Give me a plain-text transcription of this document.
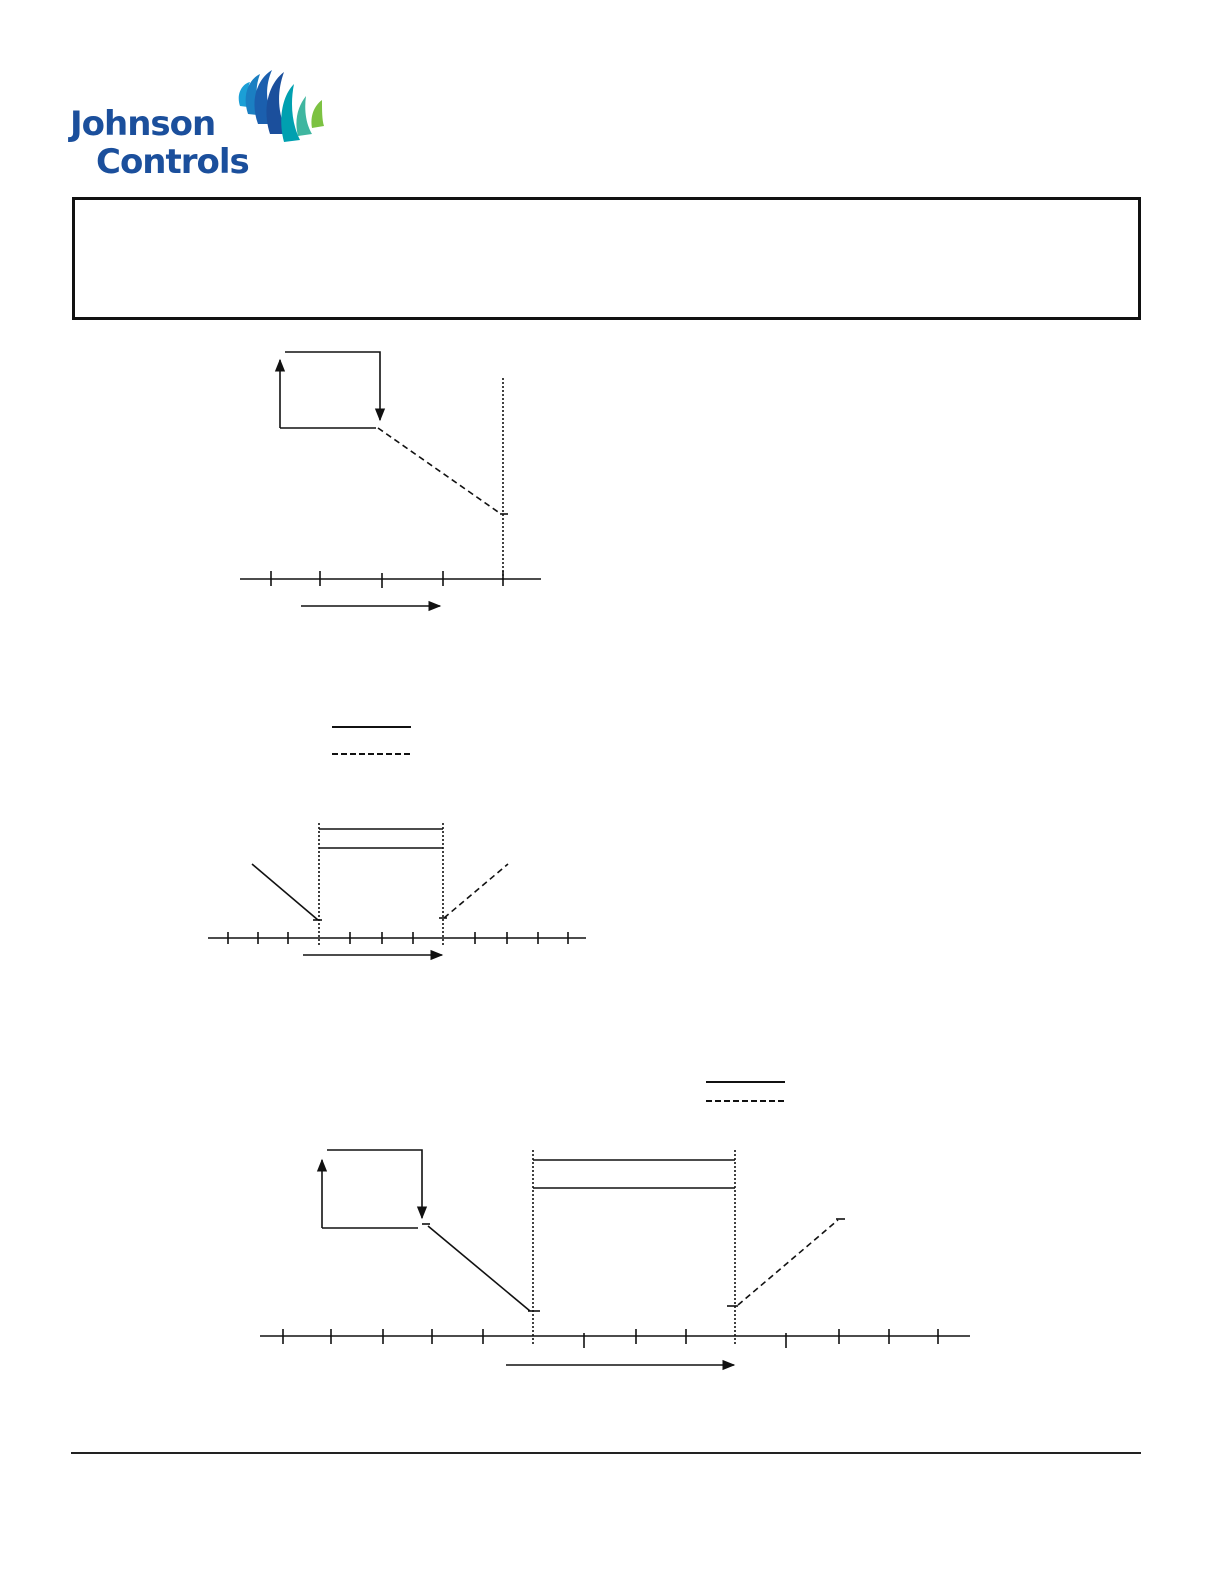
Johnson
Controls
